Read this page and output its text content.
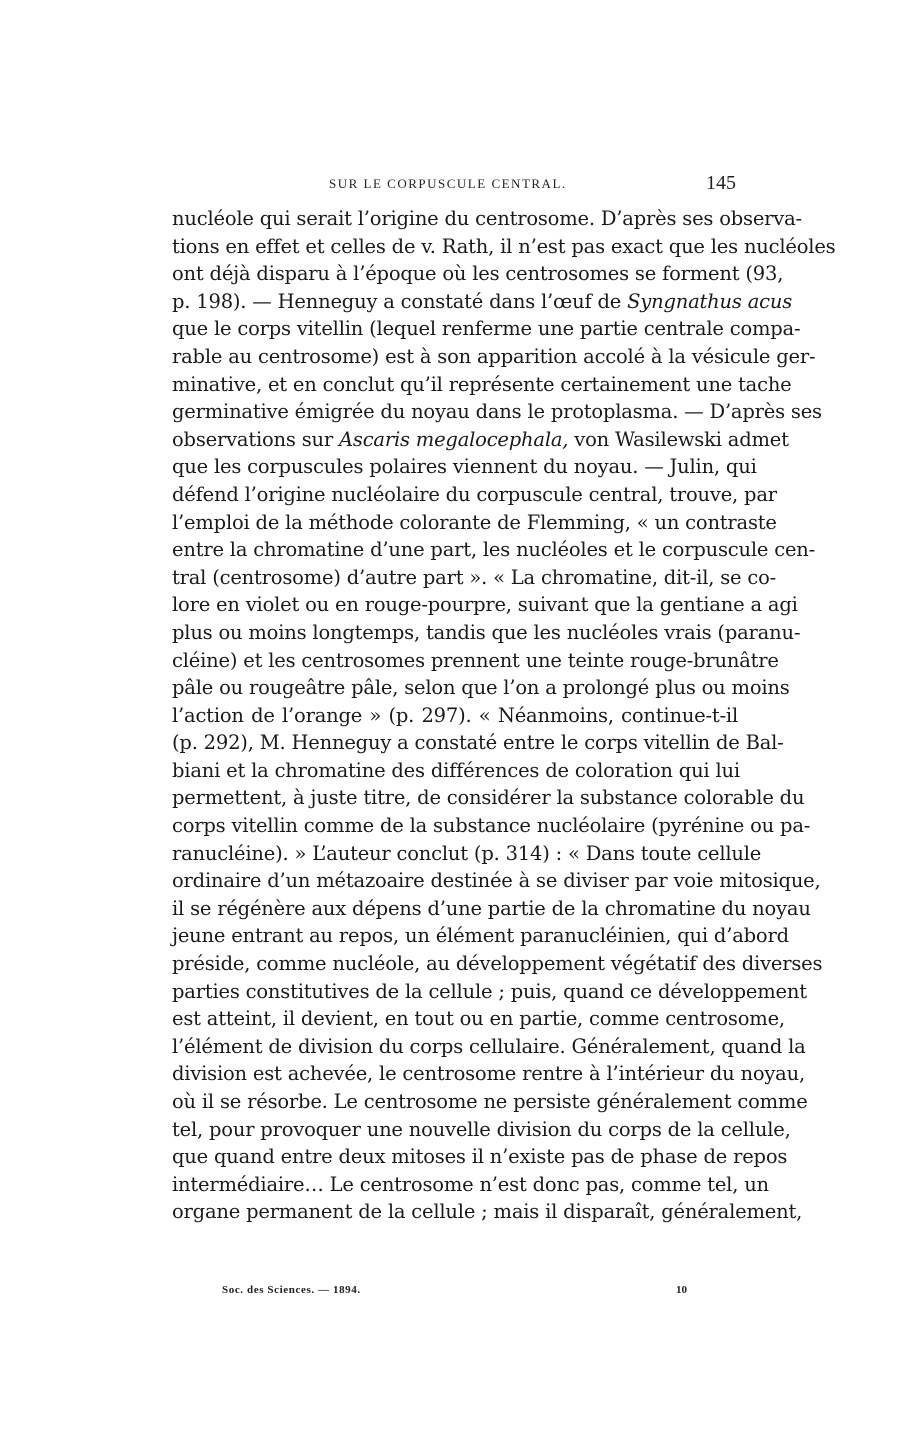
SUR LE CORPUSCULE CENTRAL.	145
nucléole qui serait l’origine du centrosome. D’après ses observa-
tions en effet et celles de v. Rath, il n’est pas exact que les nucléoles
ont déjà disparu à l’époque où les centrosomes se forment (93,
p. 198). — Henneguy a constaté dans l’œuf de Syngnathus acus
que le corps vitellin (lequel renferme une partie centrale compa-
rable au centrosome) est à son apparition accolé à la vésicule ger-
minative, et en conclut qu’il représente certainement une tache
germinative émigrée du noyau dans le protoplasma. — D’après ses
observations sur Ascaris megalocephala, von Wasilewski admet
que les corpuscules polaires viennent du noyau. — Julin, qui
défend l’origine nucléolaire du corpuscule central, trouve, par
l’emploi de la méthode colorante de Flemming, « un contraste
entre la chromatine d’une part, les nucléoles et le corpuscule cen-
tral (centrosome) d’autre part ». « La chromatine, dit-il, se co-
lore en violet ou en rouge-pourpre, suivant que la gentiane a agi
plus ou moins longtemps, tandis que les nucléoles vrais (paranu-
cléine) et les centrosomes prennent une teinte rouge-brunâtre
pâle ou rougeâtre pâle, selon que l’on a prolongé plus ou moins
l’action de l’orange » (p. 297). « Néanmoins, continue-t-il
(p. 292), M. Henneguy a constaté entre le corps vitellin de Bal-
biani et la chromatine des différences de coloration qui lui
permettent, à juste titre, de considérer la substance colorable du
corps vitellin comme de la substance nucléolaire (pyrénine ou pa-
ranucléine). » L’auteur conclut (p. 314) : « Dans toute cellule
ordinaire d’un métazoaire destinée à se diviser par voie mitosique,
il se régénère aux dépens d’une partie de la chromatine du noyau
jeune entrant au repos, un élément paranucléinien, qui d’abord
préside, comme nucléole, au développement végétatif des diverses
parties constitutives de la cellule ; puis, quand ce développement
est atteint, il devient, en tout ou en partie, comme centrosome,
l’élément de division du corps cellulaire. Généralement, quand la
division est achevée, le centrosome rentre à l’intérieur du noyau,
où il se résorbe. Le centrosome ne persiste généralement comme
tel, pour provoquer une nouvelle division du corps de la cellule,
que quand entre deux mitoses il n’existe pas de phase de repos
intermédiaire… Le centrosome n’est donc pas, comme tel, un
organe permanent de la cellule ; mais il disparaît, généralement,
Soc. des Sciences. — 1894.	10
